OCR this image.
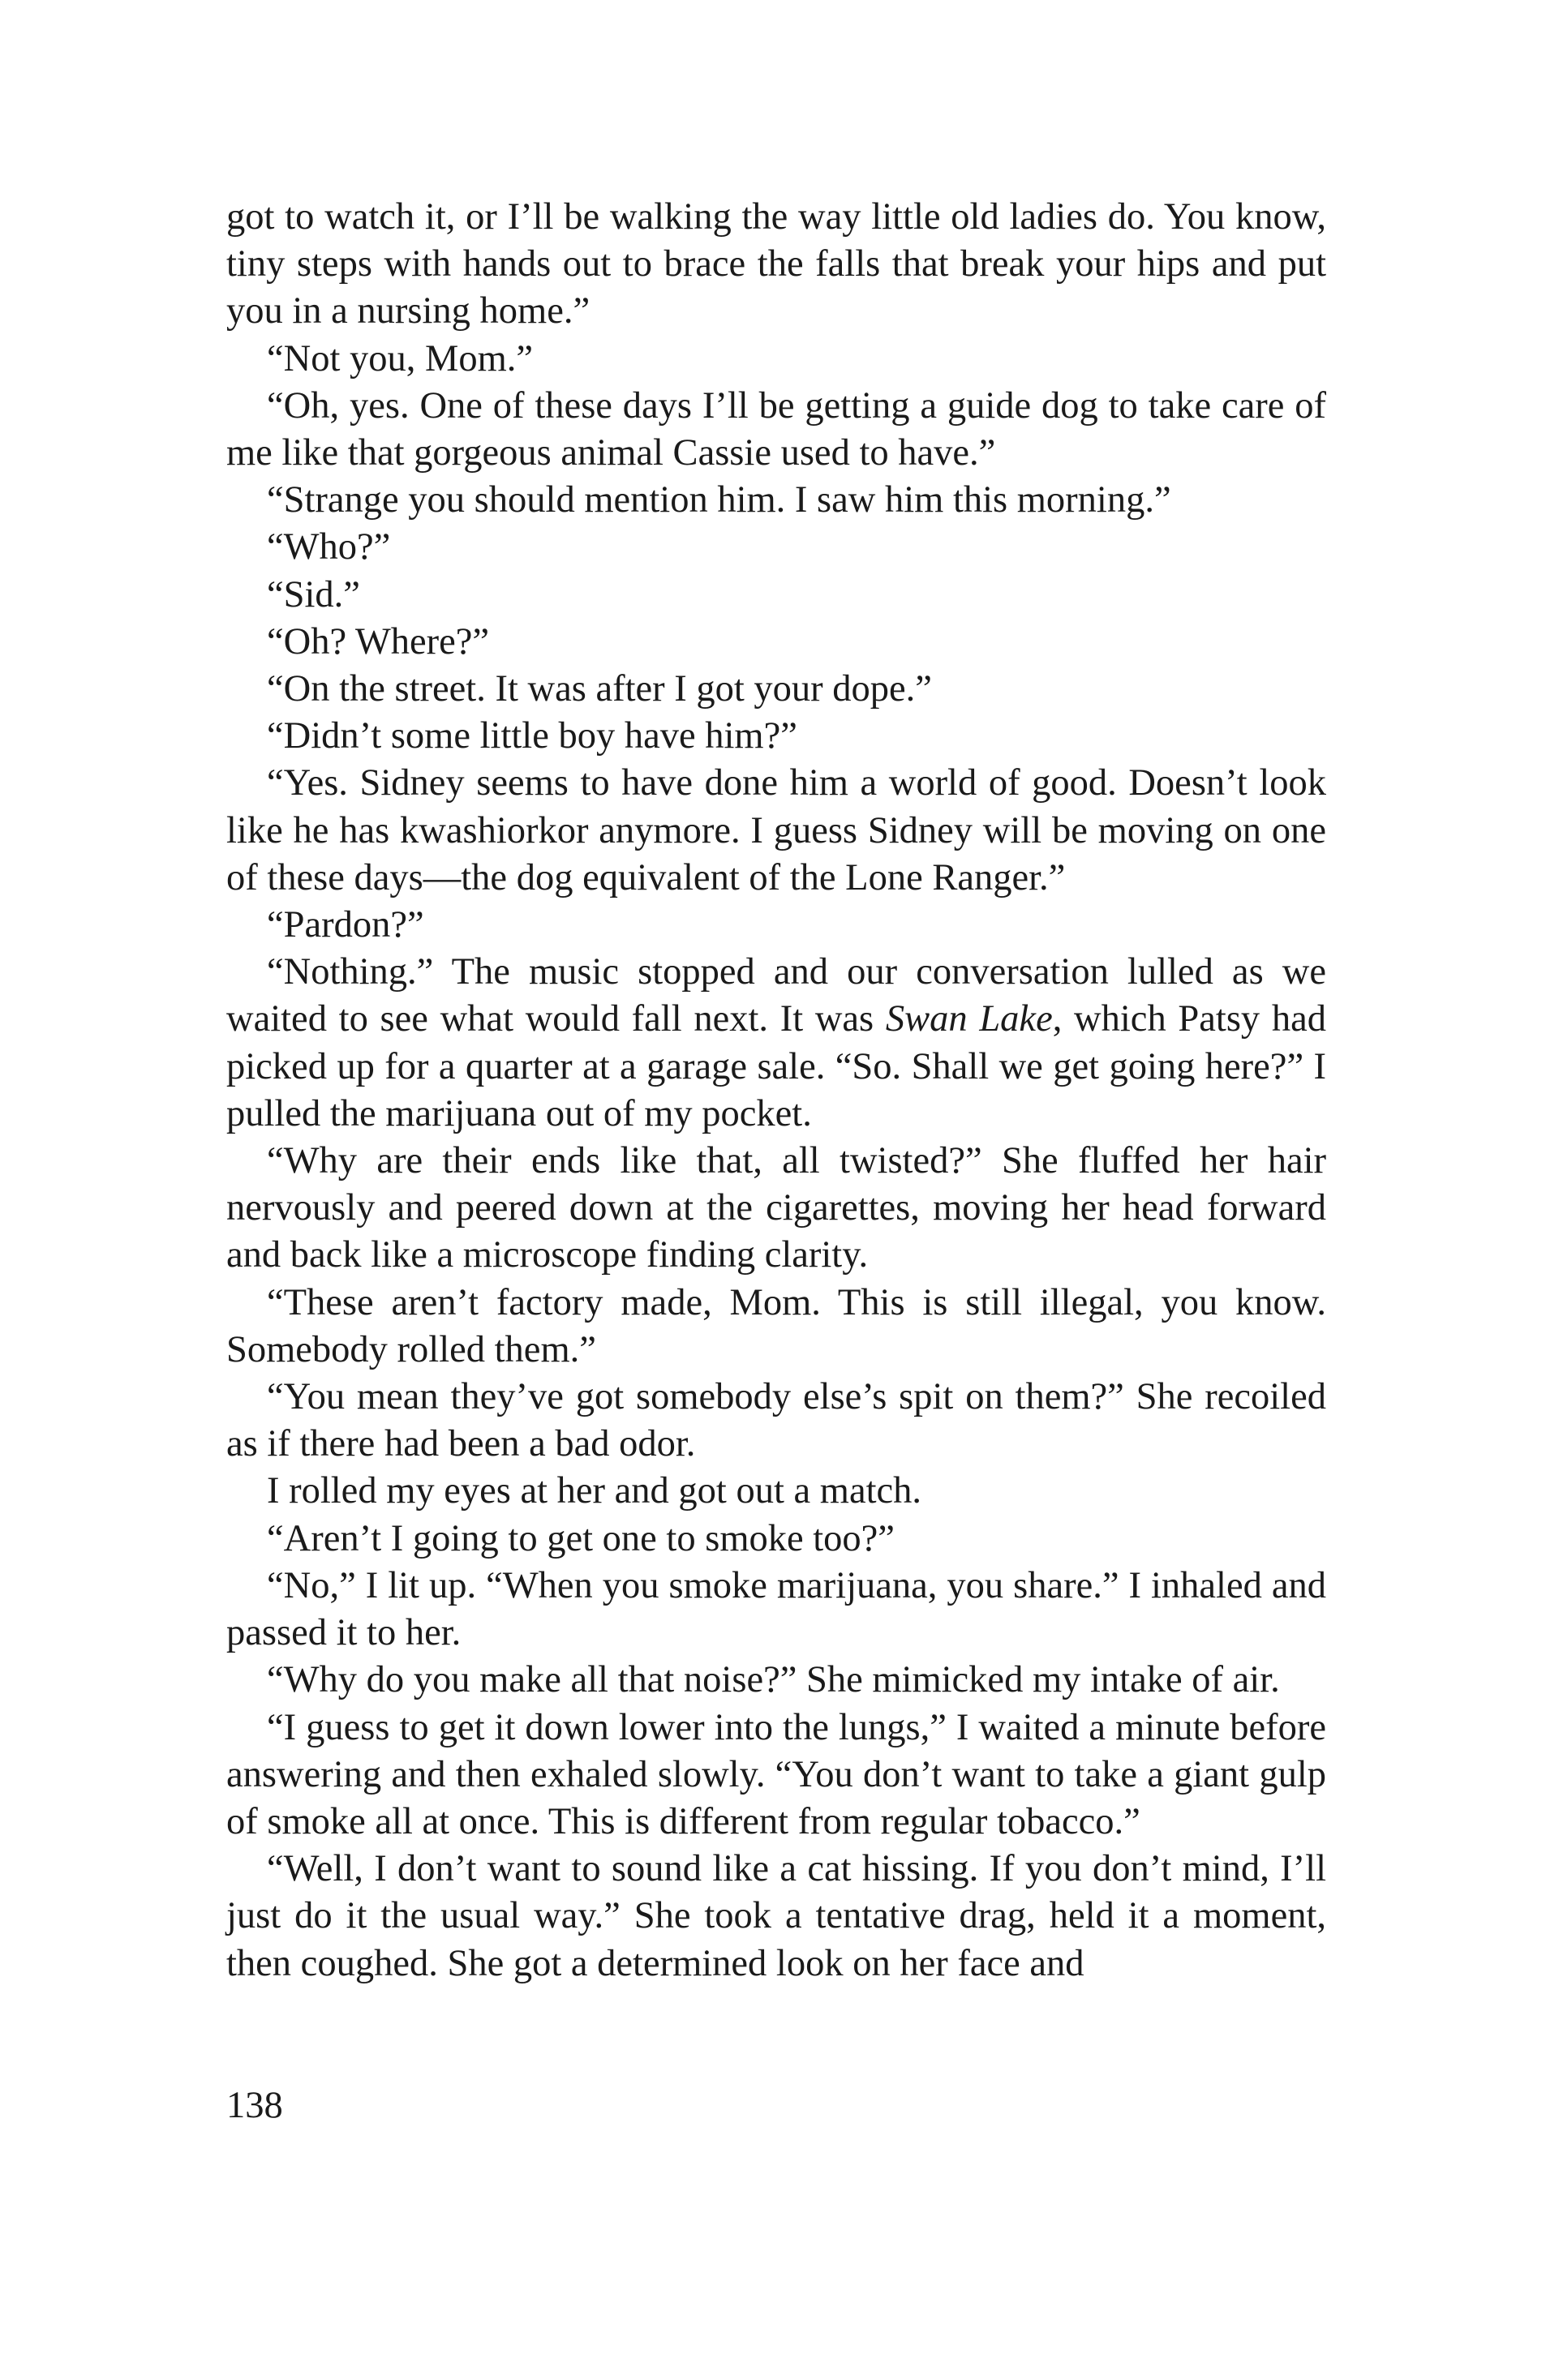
got to watch it, or I’ll be walking the way little old ladies do. You know, tiny steps with hands out to brace the falls that break your hips and put you in a nursing home.”

“Not you, Mom.”

“Oh, yes. One of these days I’ll be getting a guide dog to take care of me like that gorgeous animal Cassie used to have.”

“Strange you should mention him. I saw him this morning.”

“Who?”

“Sid.”

“Oh? Where?”

“On the street. It was after I got your dope.”

“Didn’t some little boy have him?”

“Yes. Sidney seems to have done him a world of good. Doesn’t look like he has kwashiorkor anymore. I guess Sidney will be moving on one of these days—the dog equivalent of the Lone Ranger.”

“Pardon?”

“Nothing.” The music stopped and our conversation lulled as we waited to see what would fall next. It was Swan Lake, which Patsy had picked up for a quarter at a garage sale. “So. Shall we get going here?” I pulled the marijuana out of my pocket.

“Why are their ends like that, all twisted?” She fluffed her hair nervously and peered down at the cigarettes, moving her head forward and back like a microscope finding clarity.

“These aren’t factory made, Mom. This is still illegal, you know. Somebody rolled them.”

“You mean they’ve got somebody else’s spit on them?” She recoiled as if there had been a bad odor.

I rolled my eyes at her and got out a match.

“Aren’t I going to get one to smoke too?”

“No,” I lit up. “When you smoke marijuana, you share.” I inhaled and passed it to her.

“Why do you make all that noise?” She mimicked my intake of air.

“I guess to get it down lower into the lungs,” I waited a minute before answering and then exhaled slowly. “You don’t want to take a giant gulp of smoke all at once. This is different from regular tobacco.”

“Well, I don’t want to sound like a cat hissing. If you don’t mind, I’ll just do it the usual way.” She took a tentative drag, held it a moment, then coughed. She got a determined look on her face and

138
